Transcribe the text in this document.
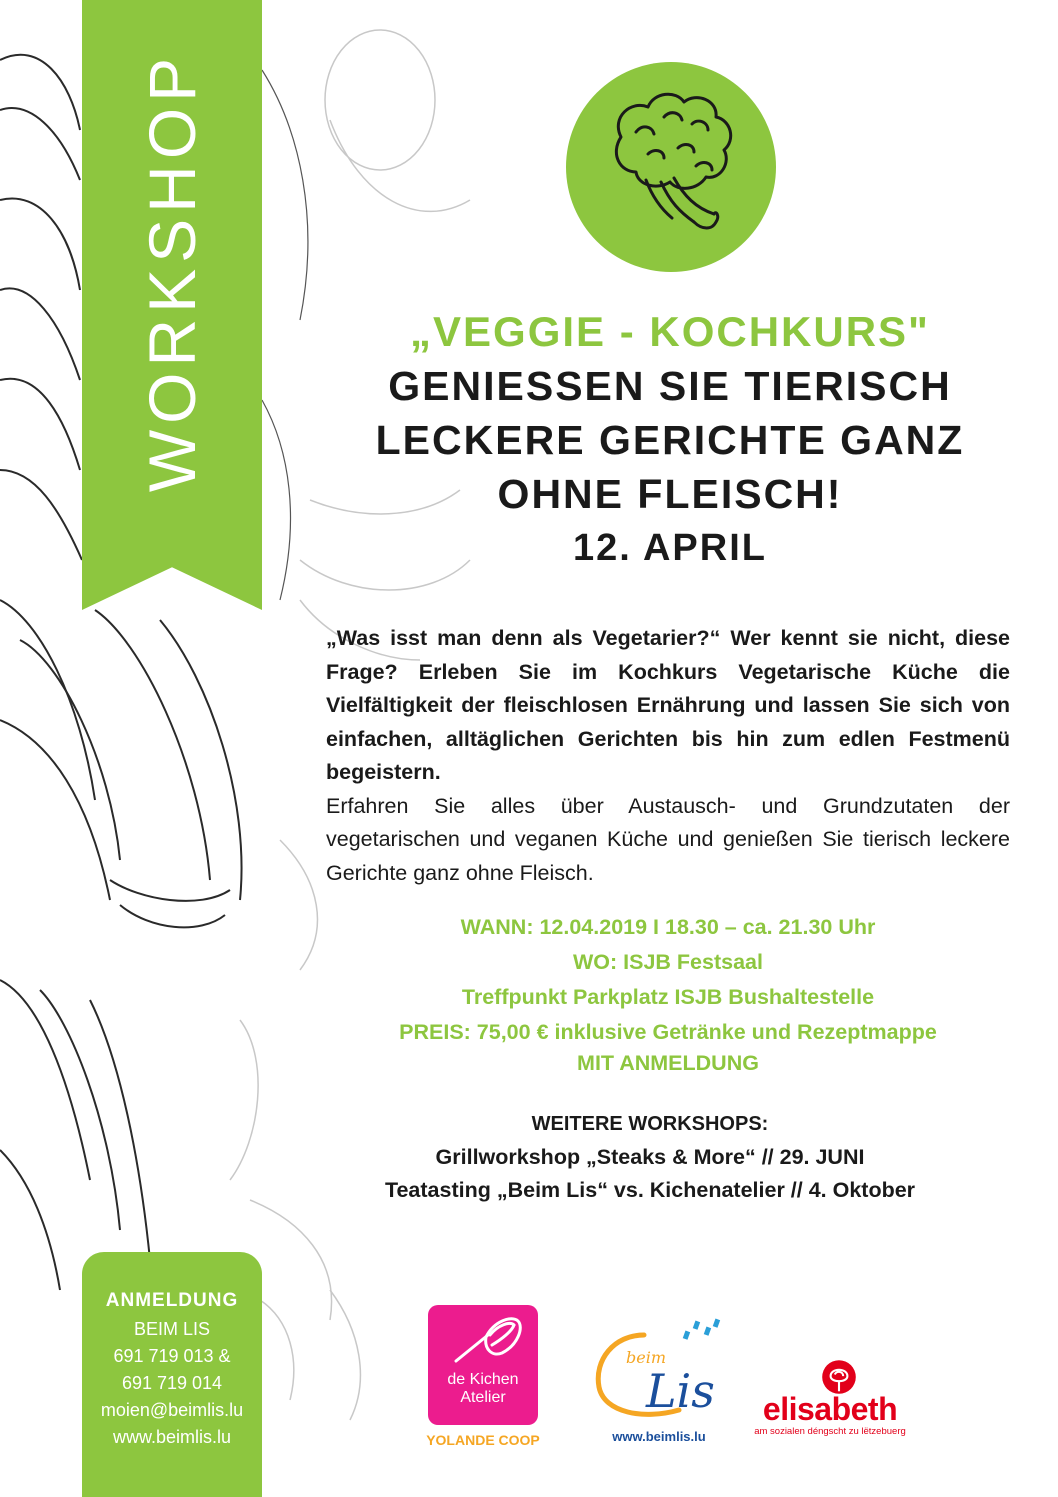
WORKSHOP	„VEGGIE - KOCHKURS"
GENIESSEN SIE TIERISCH
LECKERE GERICHTE GANZ
OHNE FLEISCH!
12. APRIL

„Was isst man denn als Vegetarier?“ Wer kennt sie nicht, diese Frage? Erleben Sie im Kochkurs Vegetarische Küche die Vielfältigkeit der fleischlosen Ernährung und lassen Sie sich von einfachen, alltäglichen Gerichten bis hin zum edlen Festmenü begeistern.

Erfahren Sie alles über Austausch- und Grundzutaten der vegetarischen und veganen Küche und genießen Sie tierisch leckere Gerichte ganz ohne Fleisch.

WANN: 12.04.2019 I 18.30 – ca. 21.30 Uhr
WO: ISJB Festsaal
Treffpunkt Parkplatz ISJB Bushaltestelle
PREIS: 75,00 € inklusive Getränke und Rezeptmappe
MIT ANMELDUNG
WEITERE WORKSHOPS:
Grillworkshop „Steaks & More“ // 29. JUNI
Teatasting „Beim Lis“ vs. Kichenatelier // 4. Oktober
ANMELDUNG
BEIM LIS
691 719 013 &
691 719 014
moien@beimlis.lu
www.beimlis.lu
de Kichen
Atelier
YOLANDE COOP
beim
Lis
www.beimlis.lu
elisabeth
am sozialen déngscht zu lëtzebuerg
